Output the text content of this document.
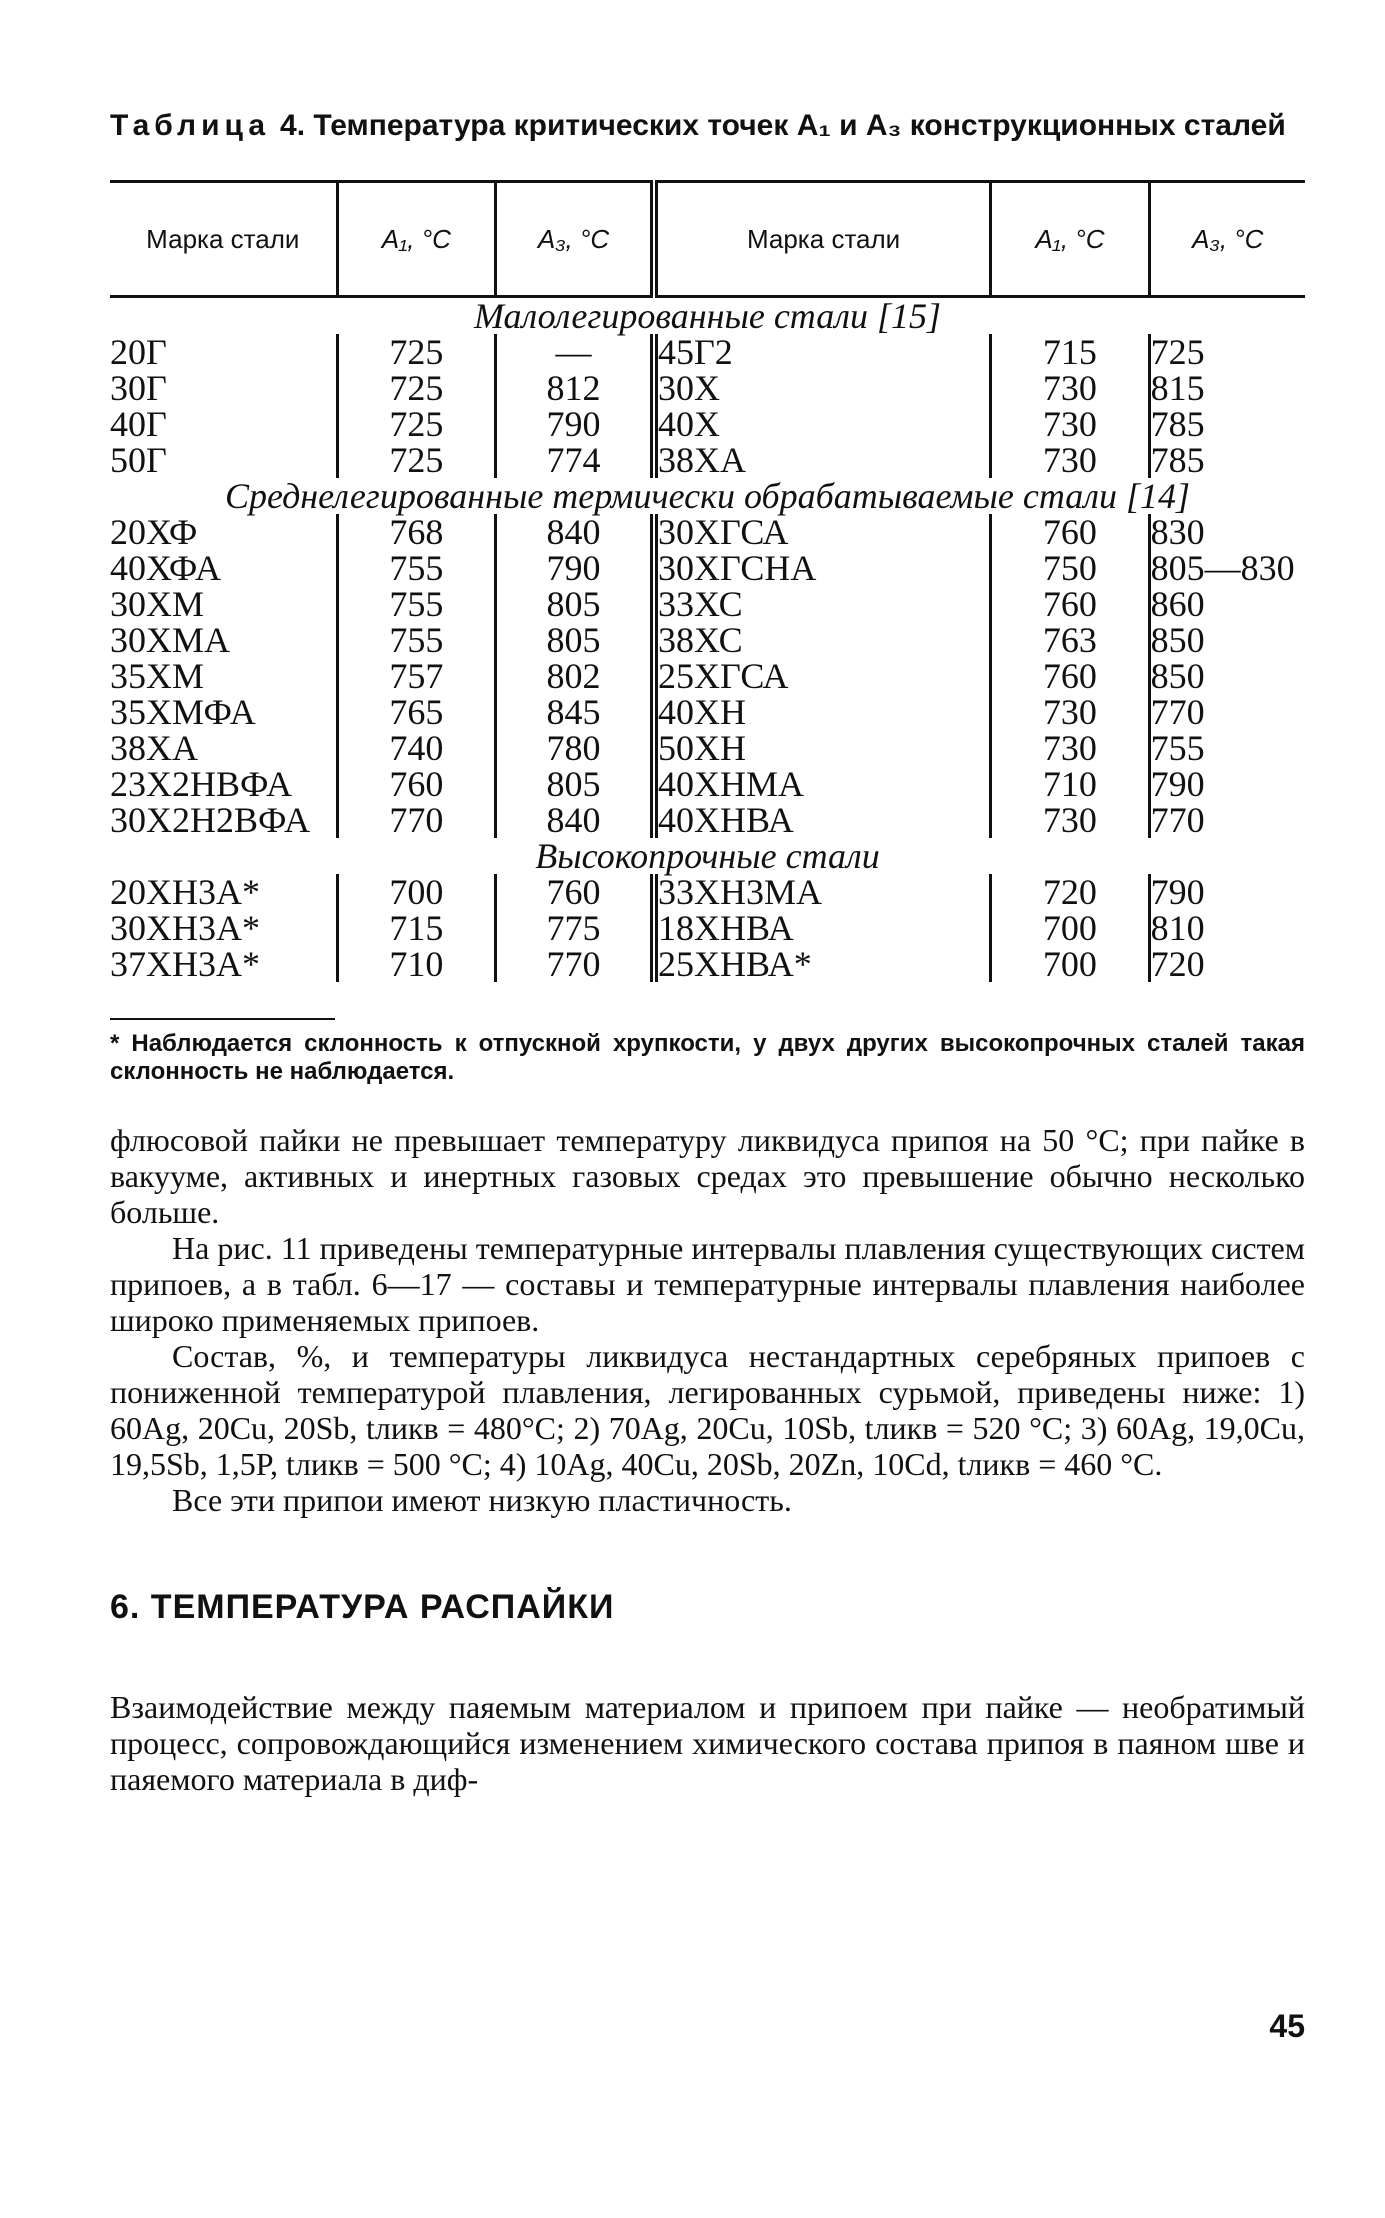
Таблица 4. Температура критических точек A₁ и A₃ конструкционных сталей
Марка стали	A₁, °C	A₃, °C	Марка стали	A₁, °C	A₃, °C
Малолегированные стали [15]					
20Г	725	—	45Г2	715	725
30Г	725	812	30Х	730	815
40Г	725	790	40Х	730	785
50Г	725	774	38ХА	730	785
Среднелегированные термически обрабатываемые стали [14]					
20ХФ	768	840	30ХГСА	760	830
40ХФА	755	790	30ХГСНА	750	805—830
30ХМ	755	805	33ХС	760	860
30ХМА	755	805	38ХС	763	850
35ХМ	757	802	25ХГСА	760	850
35ХМФА	765	845	40ХН	730	770
38ХА	740	780	50ХН	730	755
23Х2НВФА	760	805	40ХНМА	710	790
30Х2Н2ВФА	770	840	40ХНВА	730	770
Высокопрочные стали					
20ХН3А*	700	760	33ХН3МА	720	790
30ХН3А*	715	775	18ХНВА	700	810
37ХН3А*	710	770	25ХНВА*	700	720
* Наблюдается склонность к отпускной хрупкости, у двух других высокопрочных сталей такая склонность не наблюдается.

флюсовой пайки не превышает температуру ликвидуса припоя на 50 °С; при пайке в вакууме, активных и инертных газовых средах это превышение обычно несколько больше.

На рис. 11 приведены температурные интервалы плавления существующих систем припоев, а в табл. 6—17 — составы и температурные интервалы плавления наиболее широко применяемых припоев.

Состав, %, и температуры ликвидуса нестандартных серебряных припоев с пониженной температурой плавления, легированных сурьмой, приведены ниже: 1) 60Ag, 20Cu, 20Sb, tликв = 480°С; 2) 70Ag, 20Cu, 10Sb, tликв = 520 °С; 3) 60Ag, 19,0Cu, 19,5Sb, 1,5P, tликв = 500 °С; 4) 10Ag, 40Cu, 20Sb, 20Zn, 10Cd, tликв = 460 °С.

Все эти припои имеют низкую пластичность.

6. ТЕМПЕРАТУРА РАСПАЙКИ

Взаимодействие между паяемым материалом и припоем при пайке — необратимый процесс, сопровождающийся изменением химического состава припоя в паяном шве и паяемого материала в диф-

45
